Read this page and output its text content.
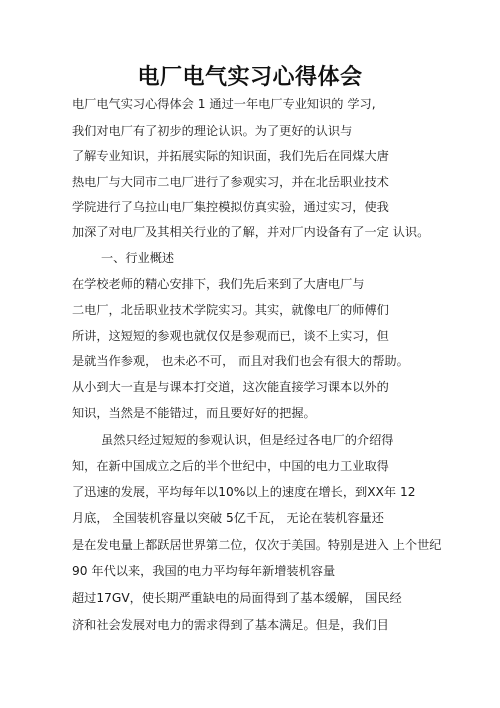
电厂电气实习心得体会
电厂电气实习心得体会 1 通过一年电厂专业知识的 学习,
我们对电厂有了初步的理论认识。为了更好的认识与
了解专业知识，并拓展实际的知识面，我们先后在同煤大唐
热电厂与大同市二电厂进行了参观实习，并在北岳职业技术
学院进行了乌拉山电厂集控模拟仿真实验，通过实习，使我
加深了对电厂及其相关行业的了解，并对厂内设备有了一定 认识。
一、行业概述
在学校老师的精心安排下，我们先后来到了大唐电厂与
二电厂，北岳职业技术学院实习。其实，就像电厂的师傅们
所讲，这短短的参观也就仅仅是参观而已，谈不上实习，但
是就当作参观， 也未必不可， 而且对我们也会有很大的帮助。
从小到大一直是与课本打交道，这次能直接学习课本以外的
知识，当然是不能错过，而且要好好的把握。
虽然只经过短短的参观认识，但是经过各电厂的介绍得
知，在新中国成立之后的半个世纪中，中国的电力工业取得
了迅速的发展，平均每年以10%以上的速度在增长，到XX年 12
月底， 全国装机容量以突破 5亿千瓦， 无论在装机容量还
是在发电量上都跃居世界第二位，仅次于美国。特别是进入 上个世纪
90 年代以来，我国的电力平均每年新增装机容量
超过17GV，使长期严重缺电的局面得到了基本缓解， 国民经
济和社会发展对电力的需求得到了基本满足。但是，我们目
